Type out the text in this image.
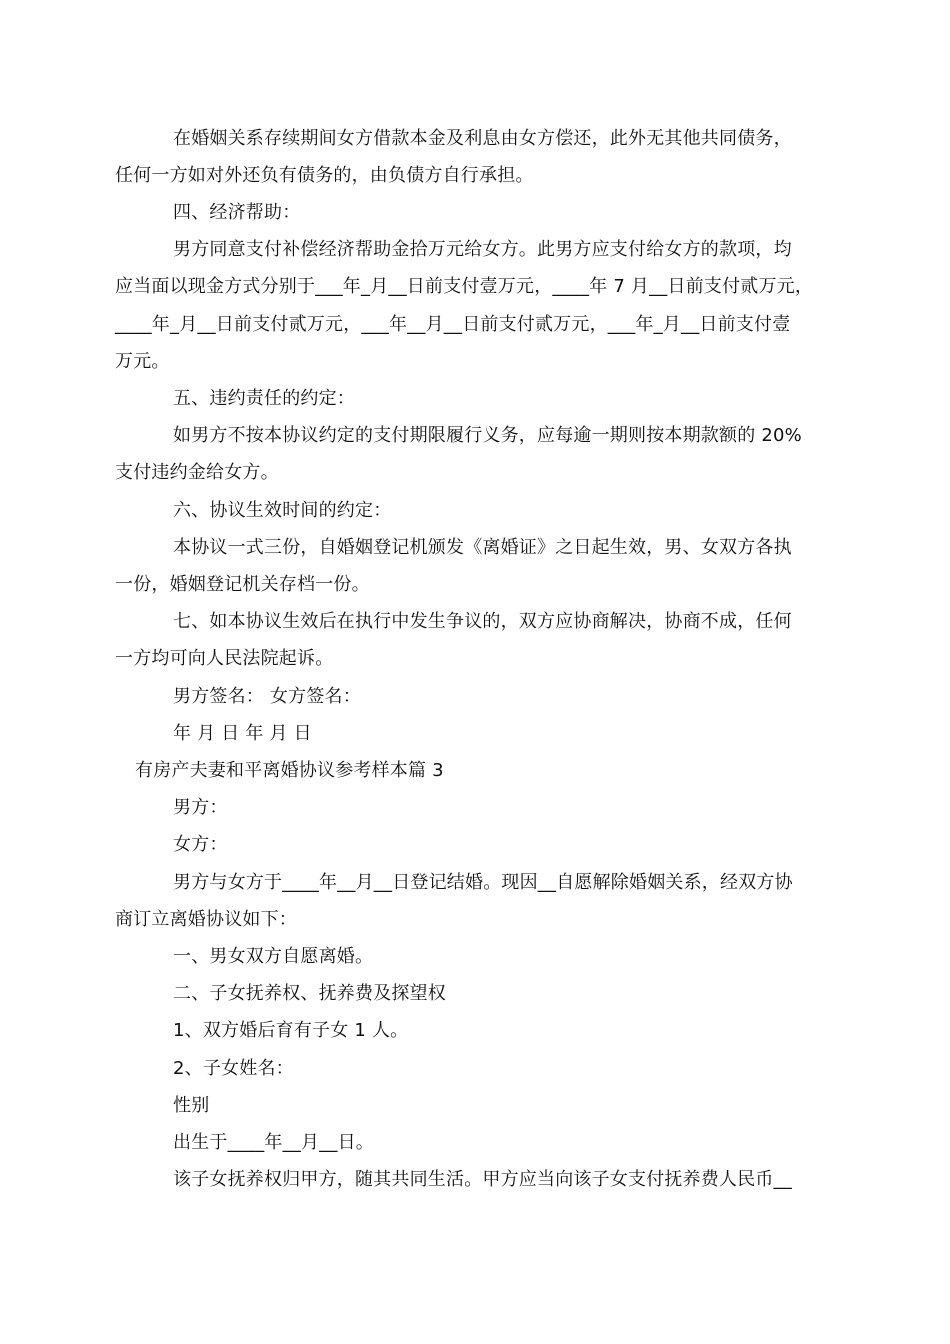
在婚姻关系存续期间女方借款本金及利息由女方偿还，此外无其他共同债务，
任何一方如对外还负有债务的，由负债方自行承担。
四、经济帮助：
男方同意支付补偿经济帮助金拾万元给女方。此男方应支付给女方的款项，均
应当面以现金方式分别于___年_月__日前支付壹万元，____年 7 月__日前支付贰万元，
____年_月__日前支付贰万元，___年__月__日前支付贰万元，___年_月__日前支付壹
万元。
五、违约责任的约定：
如男方不按本协议约定的支付期限履行义务，应每逾一期则按本期款额的 20%
支付违约金给女方。
六、协议生效时间的约定：
本协议一式三份，自婚姻登记机颁发《离婚证》之日起生效，男、女双方各执
一份，婚姻登记机关存档一份。
七、如本协议生效后在执行中发生争议的，双方应协商解决，协商不成，任何
一方均可向人民法院起诉。
男方签名： 女方签名：
年 月 日 年 月 日
有房产夫妻和平离婚协议参考样本篇 3
男方：
女方：
男方与女方于____年__月__日登记结婚。现因__自愿解除婚姻关系，经双方协
商订立离婚协议如下：
一、男女双方自愿离婚。
二、子女抚养权、抚养费及探望权
1、双方婚后育有子女 1 人。
2、子女姓名：
性别
出生于____年__月__日。
该子女抚养权归甲方，随其共同生活。甲方应当向该子女支付抚养费人民币__
